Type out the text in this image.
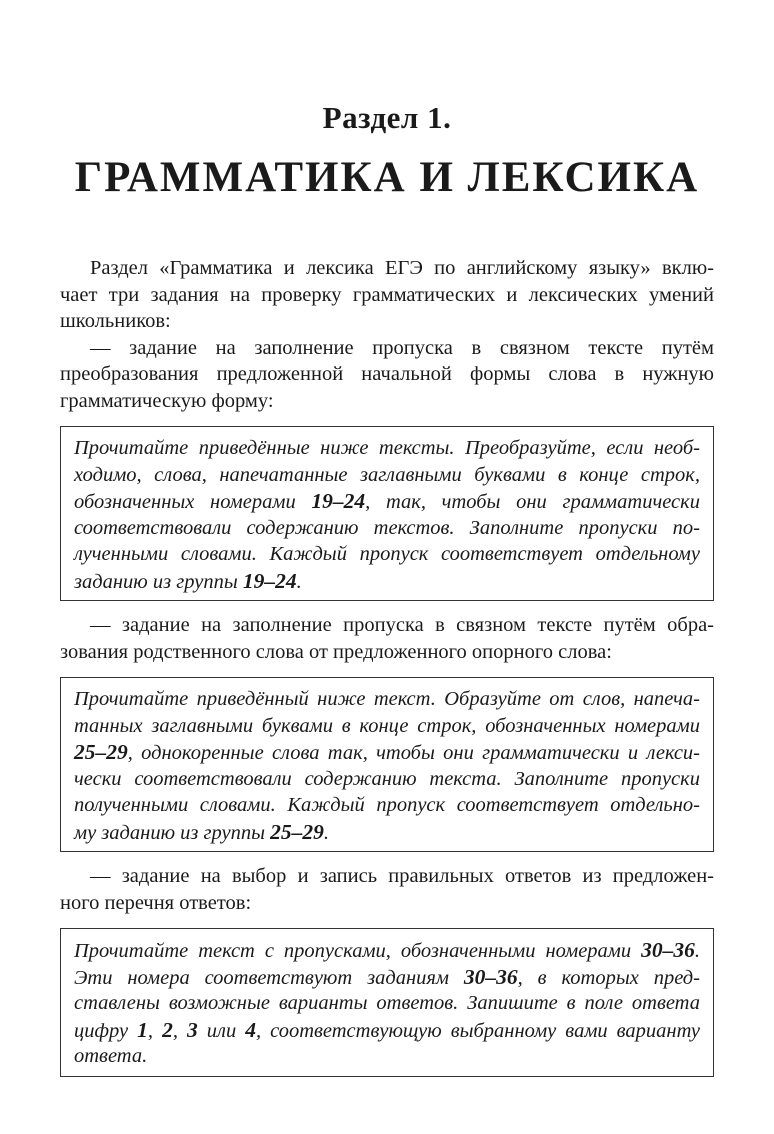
Раздел 1.
ГРАММАТИКА И ЛЕКСИКА
Раздел «Грамматика и лексика ЕГЭ по английскому языку» вклю-
чает три задания на проверку грамматических и лексических умений
школьников:
— задание на заполнение пропуска в связном тексте путём
преобразования предложенной начальной формы слова в нужную
грамматическую форму:
Прочитайте приведённые ниже тексты. Преобразуйте, если необ-
ходимо, слова, напечатанные заглавными буквами в конце строк,
обозначенных номерами 19–24, так, чтобы они грамматически
соответствовали содержанию текстов. Заполните пропуски по-
лученными словами. Каждый пропуск соответствует отдельному
заданию из группы 19–24.
— задание на заполнение пропуска в связном тексте путём обра-
зования родственного слова от предложенного опорного слова:
Прочитайте приведённый ниже текст. Образуйте от слов, напеча-
танных заглавными буквами в конце строк, обозначенных номерами
25–29, однокоренные слова так, чтобы они грамматически и лекси-
чески соответствовали содержанию текста. Заполните пропуски
полученными словами. Каждый пропуск соответствует отдельно-
му заданию из группы 25–29.
— задание на выбор и запись правильных ответов из предложен-
ного перечня ответов:
Прочитайте текст с пропусками, обозначенными номерами 30–36.
Эти номера соответствуют заданиям 30–36, в которых пред-
ставлены возможные варианты ответов. Запишите в поле ответа
цифру 1, 2, 3 или 4, соответствующую выбранному вами варианту
ответа.
